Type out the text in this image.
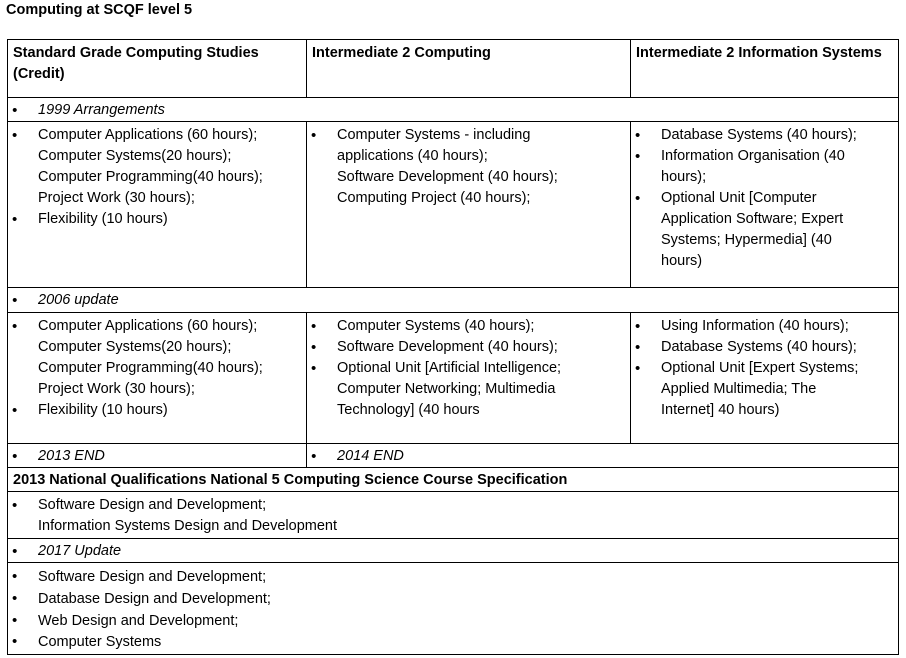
Computing at SCQF level 5
Standard Grade Computing Studies (Credit)
Intermediate 2 Computing	Intermediate 2 Information Systems
• 1999 Arrangements
• Computer Applications (60 hours);
Computer Systems(20 hours);
Computer Programming(40 hours);
Project Work (30 hours);
• Flexibility (10 hours)
• Computer Systems - including
applications (40 hours);
Software Development (40 hours);
Computing Project (40 hours);
• Database Systems (40 hours);
• Information Organisation (40
hours);
• Optional Unit [Computer
Application Software; Expert
Systems; Hypermedia] (40
hours)
• 2006 update
• Computer Applications (60 hours);
Computer Systems(20 hours);
Computer Programming(40 hours);
Project Work (30 hours);
• Flexibility (10 hours)
• Computer Systems (40 hours);
• Software Development (40 hours);
• Optional Unit [Artificial Intelligence;
Computer Networking; Multimedia
Technology] (40 hours
• Using Information (40 hours);
• Database Systems (40 hours);
• Optional Unit [Expert Systems;
Applied Multimedia; The
Internet] 40 hours)
• 2013 END
•	2014 END
2013 National Qualifications National 5 Computing Science Course Specification
• Software Design and Development;
Information Systems Design and Development
• 2017 Update
• Software Design and Development;
• Database Design and Development;
• Web Design and Development;
• Computer Systems
